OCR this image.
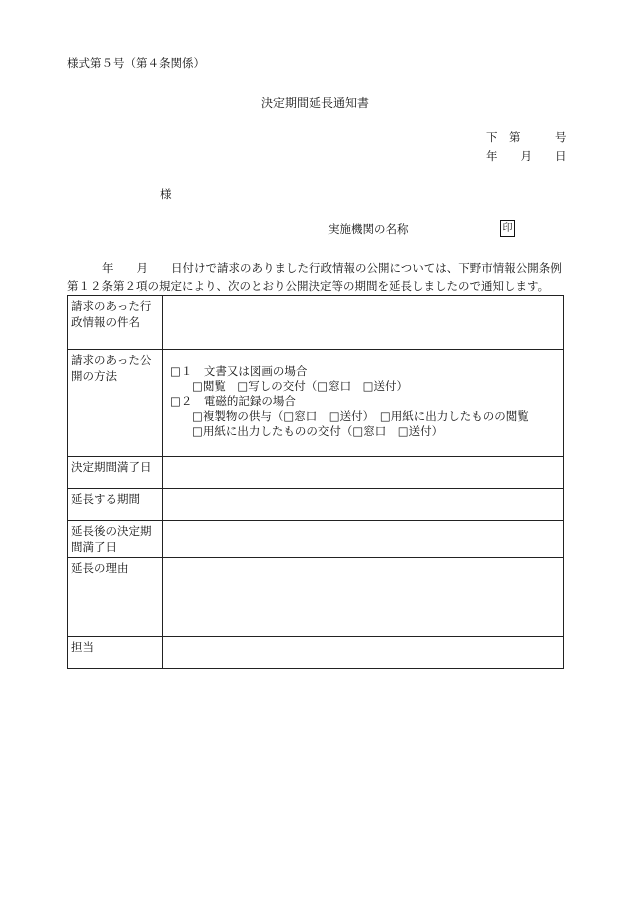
様式第５号（第４条関係）
決定期間延長通知書
下　第　　　号
年　　月　　日
様
実施機関の名称	印
年　　月　　日付けで請求のありました行政情報の公開については、下野市情報公開条例
第１２条第２項の規定により、次のとおり公開決定等の期間を延長しましたので通知します。
請求のあった行政情報の件名	
請求のあった公開の方法	□１　文書又は図画の場合
□閲覧　□写しの交付（□窓口　□送付）
□２　電磁的記録の場合
□複製物の供与（□窓口　□送付）　□用紙に出力したものの閲覧
□用紙に出力したものの交付（□窓口　□送付）

決定期間満了日	
延長する期間	
延長後の決定期間満了日	
延長の理由	
担当	
